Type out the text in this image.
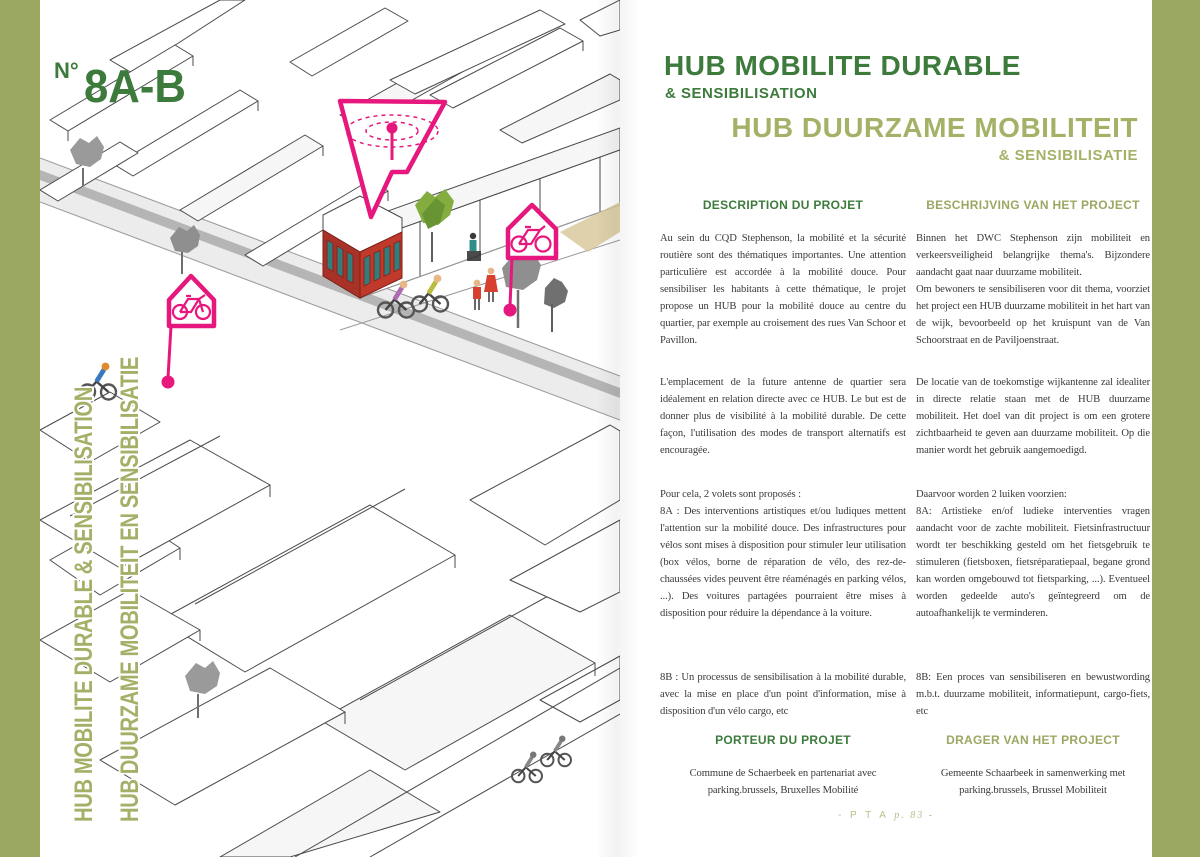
N° 8A-B
HUB MOBILITE DURABLE & SENSIBILISATION HUB DUURZAME MOBILITEIT EN SENSIBILISATIE
HUB MOBILITE DURABLE
& SENSIBILISATION
HUB DUURZAME MOBILITEIT
& SENSIBILISATIE
DESCRIPTION DU PROJET	BESCHRIJVING VAN HET PROJECT

Au sein du CQD Stephenson, la mobilité et la sécurité routière sont des thématiques importantes. Une attention particulière est accordée à la mobilité douce. Pour sensibiliser les habitants à cette thématique, le projet propose un HUB pour la mobilité douce au centre du quartier, par exemple au croisement des rues Van Schoor et Pavillon.

Binnen het DWC Stephenson zijn mobiliteit en verkeersveiligheid belangrijke thema's. Bijzondere aandacht gaat naar duurzame mobiliteit.

Om bewoners te sensibiliseren voor dit thema, voorziet het project een HUB duurzame mobiliteit in het hart van de wijk, bevoorbeeld op het kruispunt van de Van Schoorstraat en de Paviljoenstraat.

L'emplacement de la future antenne de quartier sera idéalement en relation directe avec ce HUB. Le but est de donner plus de visibilité à la mobilité durable. De cette façon, l'utilisation des modes de transport alternatifs est encouragée.

De locatie van de toekomstige wijkantenne zal idealiter in directe relatie staan met de HUB duurzame mobiliteit. Het doel van dit project is om een grotere zichtbaarheid te geven aan duurzame mobiliteit. Op die manier wordt het gebruik aangemoedigd.

Pour cela, 2 volets sont proposés :

8A : Des interventions artistiques et/ou ludiques mettent l'attention sur la mobilité douce. Des infrastructures pour vélos sont mises à disposition pour stimuler leur utilisation (box vélos, borne de réparation de vélo, des rez-de-chaussées vides peuvent être réaménagés en parking vélos, ...). Des voitures partagées pourraient être mises à disposition pour réduire la dépendance à la voiture.

Daarvoor worden 2 luiken voorzien:

8A: Artistieke en/of ludieke interventies vragen aandacht voor de zachte mobiliteit. Fietsinfrastructuur wordt ter beschikking gesteld om het fietsgebruik te stimuleren (fietsboxen, fietsréparatiepaal, begane grond kan worden omgebouwd tot fietsparking, ...). Eventueel worden gedeelde auto's geïntegreerd om de autoafhankelijk te verminderen.

8B : Un processus de sensibilisation à la mobilité durable, avec la mise en place d'un point d'information, mise à disposition d'un vélo cargo, etc

8B: Een proces van sensibiliseren en bewustwording m.b.t. duurzame mobiliteit, informatiepunt, cargo-fiets, etc

PORTEUR DU PROJET	DRAGER VAN HET PROJECT
Commune de Schaerbeek en partenariat avec parking.brussels, Bruxelles Mobilité
Gemeente Schaarbeek in samenwerking met parking.brussels, Brussel Mobiliteit
- P T A p. 83 -
